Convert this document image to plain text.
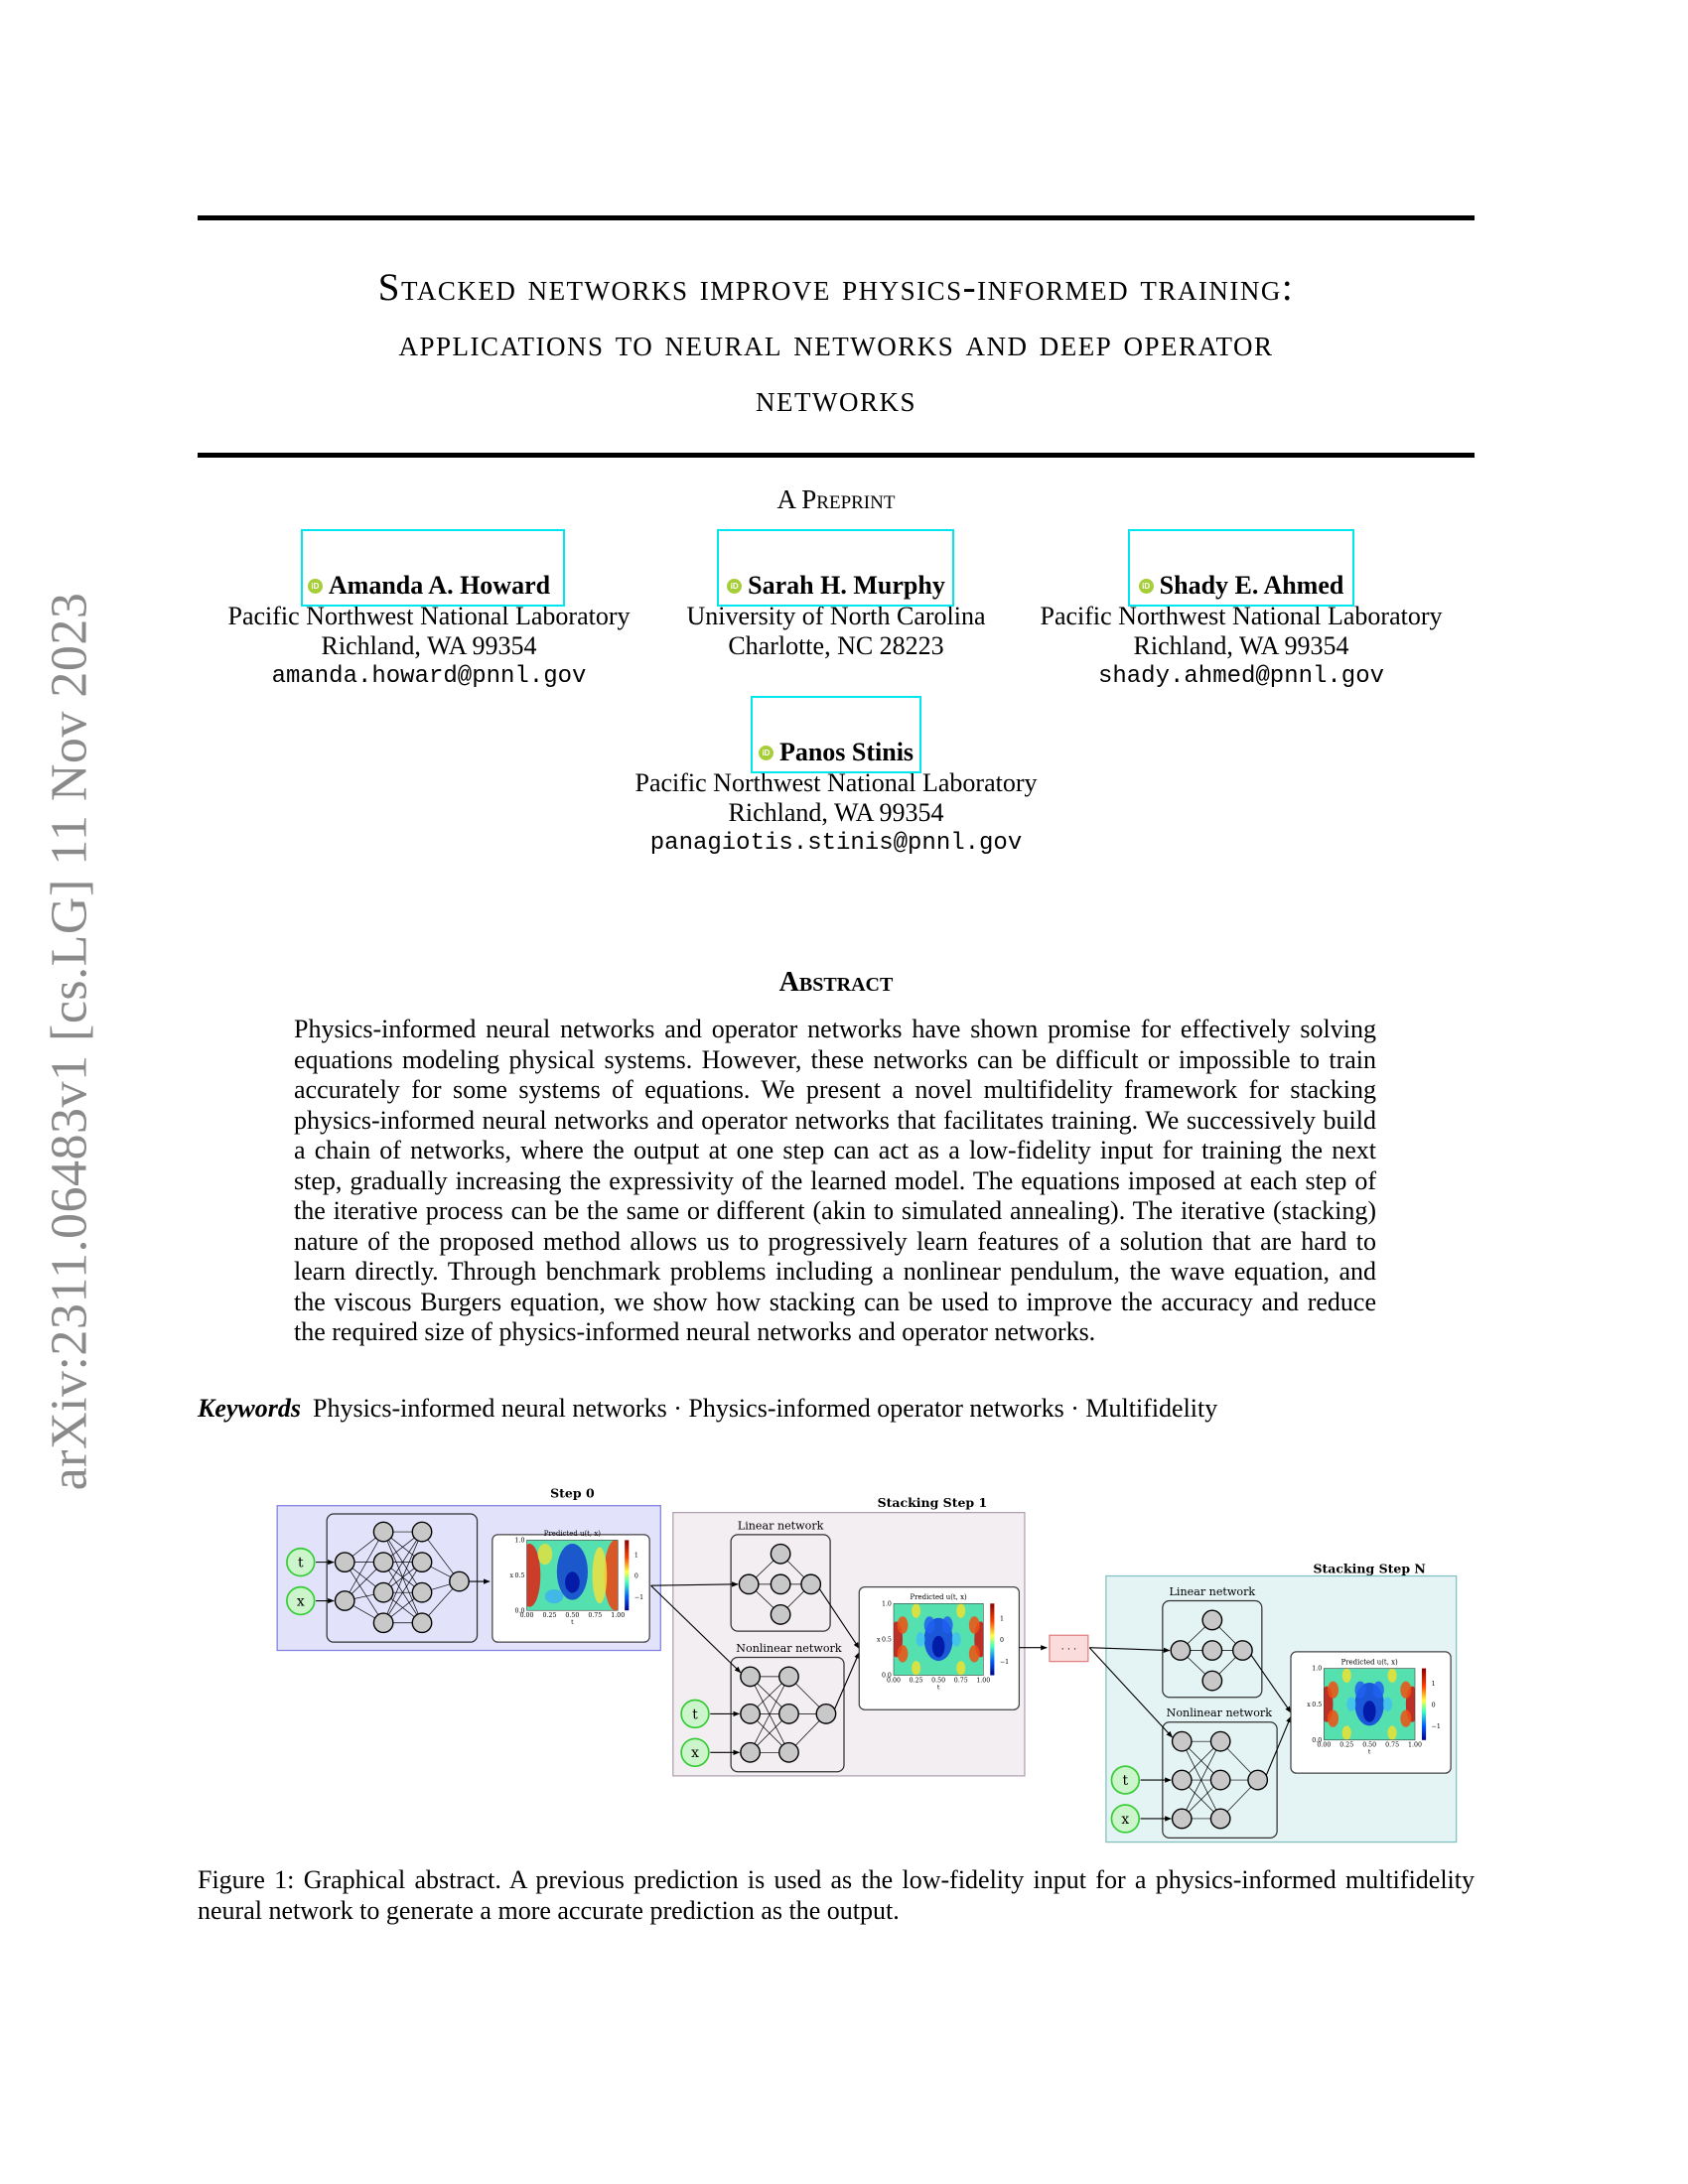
arXiv:2311.06483v1 [cs.LG] 11 Nov 2023
Stacked networks improve physics-informed training:
applications to neural networks and deep operator
networks
A Preprint
iD Amanda A. Howard
Pacific Northwest National Laboratory
Richland, WA 99354
amanda.howard@pnnl.gov
iD Sarah H. Murphy
University of North Carolina
Charlotte, NC 28223
iD Shady E. Ahmed
Pacific Northwest National Laboratory
Richland, WA 99354
shady.ahmed@pnnl.gov
iD Panos Stinis
Pacific Northwest National Laboratory
Richland, WA 99354
panagiotis.stinis@pnnl.gov
Abstract
Physics-informed neural networks and operator networks have shown promise for effectively solving equations modeling physical systems. However, these networks can be difficult or impossible to train accurately for some systems of equations. We present a novel multifidelity framework for stacking physics-informed neural networks and operator networks that facilitates training. We successively build a chain of networks, where the output at one step can act as a low-fidelity input for training the next step, gradually increasing the expressivity of the learned model. The equations imposed at each step of the iterative process can be the same or different (akin to simulated annealing). The iterative (stacking) nature of the proposed method allows us to progressively learn features of a solution that are hard to learn directly. Through benchmark problems including a nonlinear pendulum, the wave equation, and the viscous Burgers equation, we show how stacking can be used to improve the accuracy and reduce the required size of physics-informed neural networks and operator networks.
Keywords Physics-informed neural networks · Physics-informed operator networks · Multifidelity
Step 0
t
x
Predicted u(t, x)
1
0
−1
0.00 0.25 0.50 0.75 1.00
0.0
0.5
1.0
t
x
Stacking Step 1
Linear network
Nonlinear network
t
x
Predicted u(t, x)
1
0
−1
0.00 0.25 0.50 0.75 1.00
0.0
0.5
1.0
t
x
· · ·
Stacking Step N
Linear network
Nonlinear network
t
x
Predicted u(t, x)
1
0
−1
0.00 0.25 0.50 0.75 1.00
0.0
0.5
1.0
t
x
Figure 1: Graphical abstract. A previous prediction is used as the low-fidelity input for a physics-informed multifidelity neural network to generate a more accurate prediction as the output.
